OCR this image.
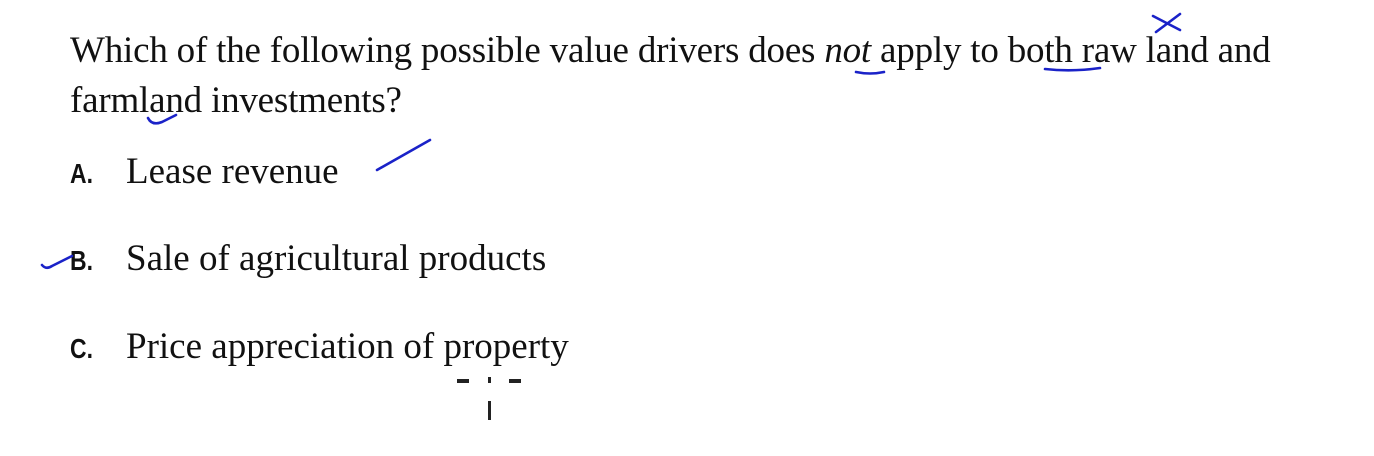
Which of the following possible value drivers does not apply to both raw land and farmland investments?
A. Lease revenue
B. Sale of agricultural products
C. Price appreciation of property
